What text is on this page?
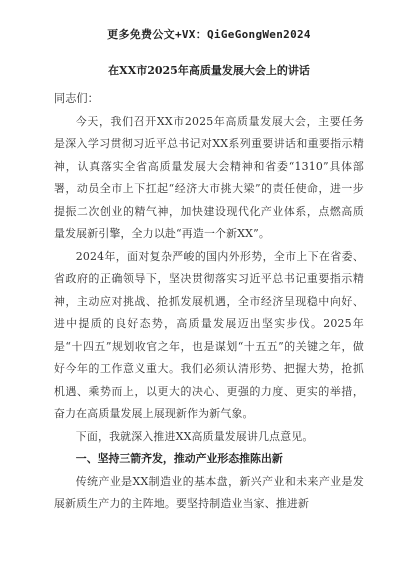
更多免费公文+VX：QiGeGongWen2024
在XX市2025年高质量发展大会上的讲话
同志们：

今天，我们召开XX市2025年高质量发展大会，主要任务是深入学习贯彻习近平总书记对XX系列重要讲话和重要指示精神，认真落实全省高质量发展大会精神和省委“1310”具体部署，动员全市上下扛起“经济大市挑大梁”的责任使命，进一步提振二次创业的精气神，加快建设现代化产业体系，点燃高质量发展新引擎，全力以赴“再造一个新XX”。

2024年，面对复杂严峻的国内外形势，全市上下在省委、省政府的正确领导下，坚决贯彻落实习近平总书记重要指示精神，主动应对挑战、抢抓发展机遇，全市经济呈现稳中向好、进中提质的良好态势，高质量发展迈出坚实步伐。2025年是“十四五”规划收官之年，也是谋划“十五五”的关键之年，做好今年的工作意义重大。我们必须认清形势、把握大势，抢抓机遇、乘势而上，以更大的决心、更强的力度、更实的举措，奋力在高质量发展上展现新作为新气象。

下面，我就深入推进XX高质量发展讲几点意见。

一、坚持三箭齐发，推动产业形态推陈出新

传统产业是XX制造业的基本盘，新兴产业和未来产业是发展新质生产力的主阵地。要坚持制造业当家、推进新
